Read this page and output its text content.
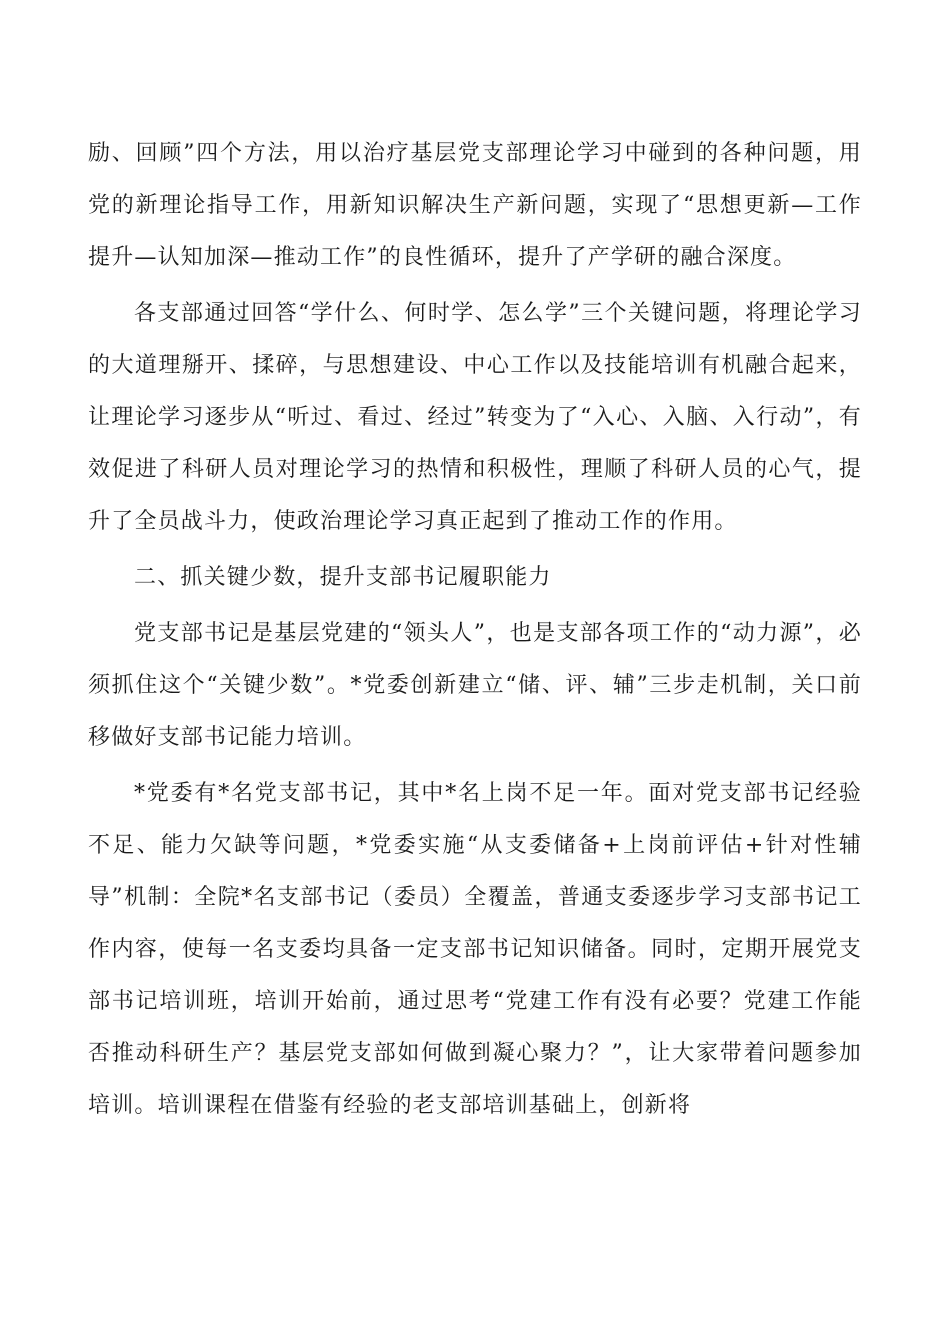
励、回顾”四个方法，用以治疗基层党支部理论学习中碰到的各种问题，用党的新理论指导工作，用新知识解决生产新问题，实现了“思想更新—工作提升—认知加深—推动工作”的良性循环，提升了产学研的融合深度。

各支部通过回答“学什么、何时学、怎么学”三个关键问题，将理论学习的大道理掰开、揉碎，与思想建设、中心工作以及技能培训有机融合起来，让理论学习逐步从“听过、看过、经过”转变为了“入心、入脑、入行动”，有效促进了科研人员对理论学习的热情和积极性，理顺了科研人员的心气，提升了全员战斗力，使政治理论学习真正起到了推动工作的作用。

二、抓关键少数，提升支部书记履职能力

党支部书记是基层党建的“领头人”，也是支部各项工作的“动力源”，必须抓住这个“关键少数”。*党委创新建立“储、评、辅”三步走机制，关口前移做好支部书记能力培训。

*党委有*名党支部书记，其中*名上岗不足一年。面对党支部书记经验不足、能力欠缺等问题，*党委实施“从支委储备+上岗前评估+针对性辅导”机制：全院*名支部书记（委员）全覆盖，普通支委逐步学习支部书记工作内容，使每一名支委均具备一定支部书记知识储备。同时，定期开展党支部书记培训班，培训开始前，通过思考“党建工作有没有必要？党建工作能否推动科研生产？基层党支部如何做到凝心聚力？”，让大家带着问题参加培训。培训课程在借鉴有经验的老支部培训基础上，创新将
